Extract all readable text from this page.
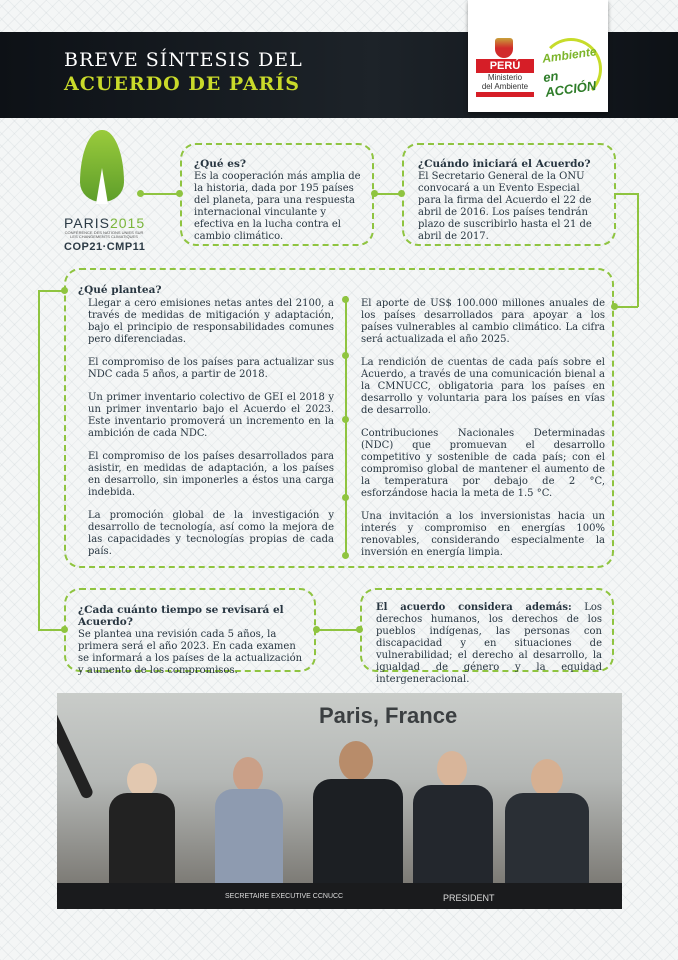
BREVE SÍNTESIS DEL
ACUERDO DE PARÍS
PERÚ
Ministerio
del Ambiente
Ambiente
en ACCIÓN
PARIS2015
CONFÉRENCE DES NATIONS UNIES SUR LES CHANGEMENTS CLIMATIQUES
COP21·CMP11
¿Qué es?
Es la cooperación más amplia de la historia, dada por 195 países del planeta, para una respuesta internacional vinculante y efectiva en la lucha contra el cambio climático.
¿Cuándo iniciará el Acuerdo?
El Secretario General de la ONU convocará a un Evento Especial para la firma del Acuerdo el 22 de abril de 2016. Los países tendrán plazo de suscribirlo hasta el 21 de abril de 2017.
¿Qué plantea?

Llegar a cero emisiones netas antes del 2100, a través de medidas de mitigación y adaptación, bajo el principio de responsabilidades comunes pero diferenciadas.

El compromiso de los países para actualizar sus NDC cada 5 años, a partir de 2018.

Un primer inventario colectivo de GEI el 2018 y un primer inventario bajo el Acuerdo el 2023. Este inventario promoverá un incremento en la ambición de cada NDC.

El compromiso de los países desarrollados para asistir, en medidas de adaptación, a los países en desarrollo, sin imponerles a éstos una carga indebida.

La promoción global de la investigación y desarrollo de tecnología, así como la mejora de las capacidades y tecnologías propias de cada país.

El aporte de US$ 100.000 millones anuales de los países desarrollados para apoyar a los países vulnerables al cambio climático. La cifra será actualizada el año 2025.

La rendición de cuentas de cada país sobre el Acuerdo, a través de una comunicación bienal a la CMNUCC, obligatoria para los países en desarrollo y voluntaria para los países en vías de desarrollo.

Contribuciones Nacionales Determinadas (NDC) que promuevan el desarrollo competitivo y sostenible de cada país; con el compromiso global de mantener el aumento de la temperatura por debajo de 2 °C, esforzándose hacia la meta de 1.5 °C.

Una invitación a los inversionistas hacia un interés y compromiso en energías 100% renovables, considerando especialmente la inversión en energía limpia.

¿Cada cuánto tiempo se revisará el Acuerdo?
Se plantea una revisión cada 5 años, la primera será el año 2023. En cada examen se informará a los países de la actualización y aumento de los compromisos.
El acuerdo considera además: Los derechos humanos, los derechos de los pueblos indígenas, las personas con discapacidad y en situaciones de vulnerabilidad; el derecho al desarrollo, la igualdad de género y la equidad intergeneracional.
Paris, France
SECRETAIRE EXECUTIVE CCNUCC	PRESIDENT
